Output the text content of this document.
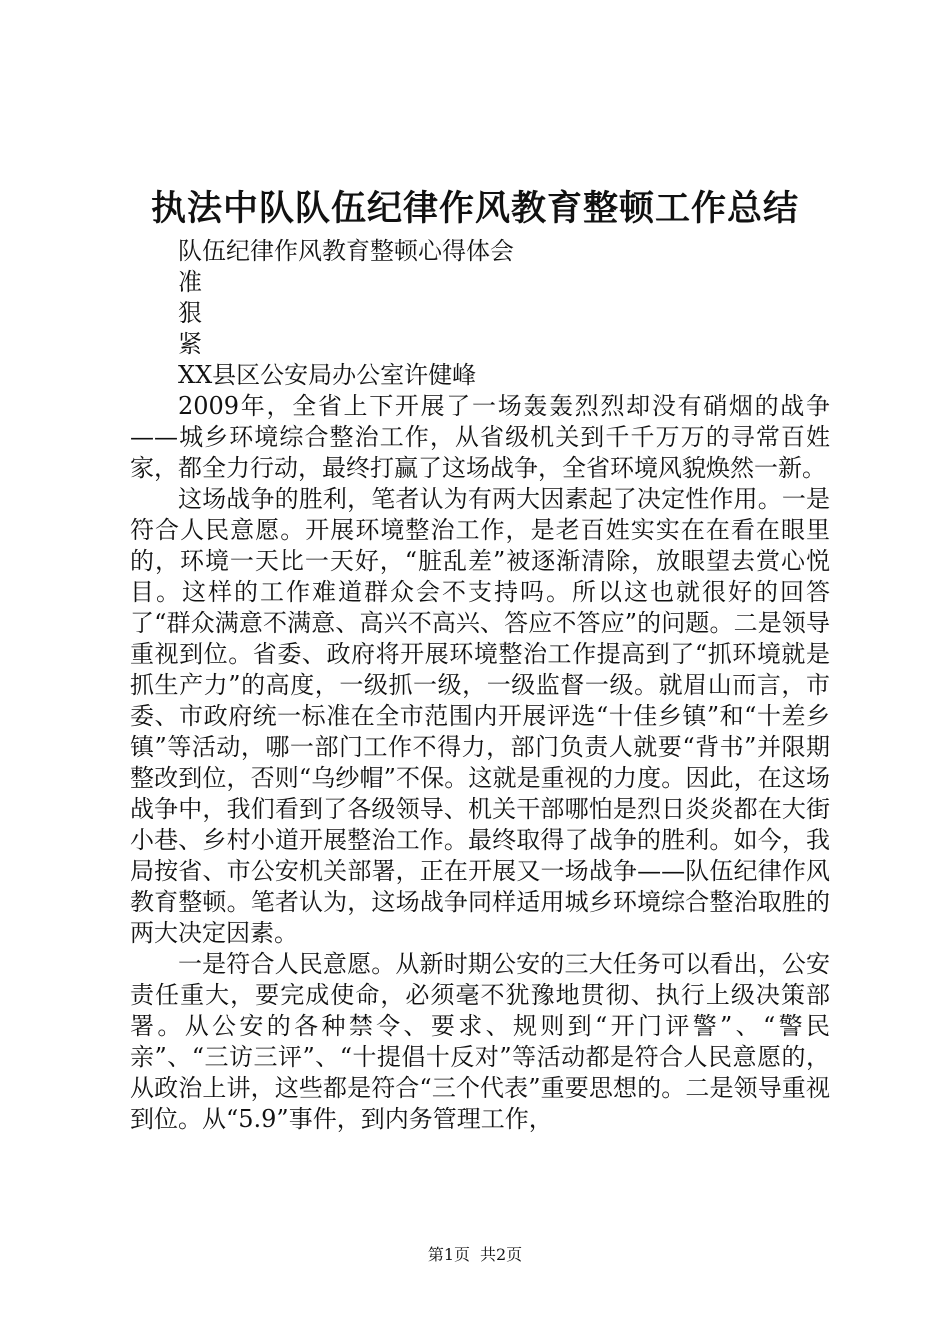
执法中队队伍纪律作风教育整顿工作总结

队伍纪律作风教育整顿心得体会

准

狠

紧

XX县区公安局办公室许健峰

2009年，全省上下开展了一场轰轰烈烈却没有硝烟的战争——城乡环境综合整治工作，从省级机关到千千万万的寻常百姓家，都全力行动，最终打赢了这场战争，全省环境风貌焕然一新。

这场战争的胜利，笔者认为有两大因素起了决定性作用。一是符合人民意愿。开展环境整治工作，是老百姓实实在在看在眼里的，环境一天比一天好，“脏乱差”被逐渐清除，放眼望去赏心悦目。这样的工作难道群众会不支持吗。所以这也就很好的回答了“群众满意不满意、高兴不高兴、答应不答应”的问题。二是领导重视到位。省委、政府将开展环境整治工作提高到了“抓环境就是抓生产力”的高度，一级抓一级，一级监督一级。就眉山而言，市委、市政府统一标准在全市范围内开展评选“十佳乡镇”和“十差乡镇”等活动，哪一部门工作不得力，部门负责人就要“背书”并限期整改到位，否则“乌纱帽”不保。这就是重视的力度。因此，在这场战争中，我们看到了各级领导、机关干部哪怕是烈日炎炎都在大街小巷、乡村小道开展整治工作。最终取得了战争的胜利。如今，我局按省、市公安机关部署，正在开展又一场战争——队伍纪律作风教育整顿。笔者认为，这场战争同样适用城乡环境综合整治取胜的两大决定因素。

一是符合人民意愿。从新时期公安的三大任务可以看出，公安责任重大，要完成使命，必须毫不犹豫地贯彻、执行上级决策部署。从公安的各种禁令、要求、规则到“开门评警”、“警民亲”、“三访三评”、“十提倡十反对”等活动都是符合人民意愿的，从政治上讲，这些都是符合“三个代表”重要思想的。二是领导重视到位。从“5.9”事件，到内务管理工作，

第1页 共2页
